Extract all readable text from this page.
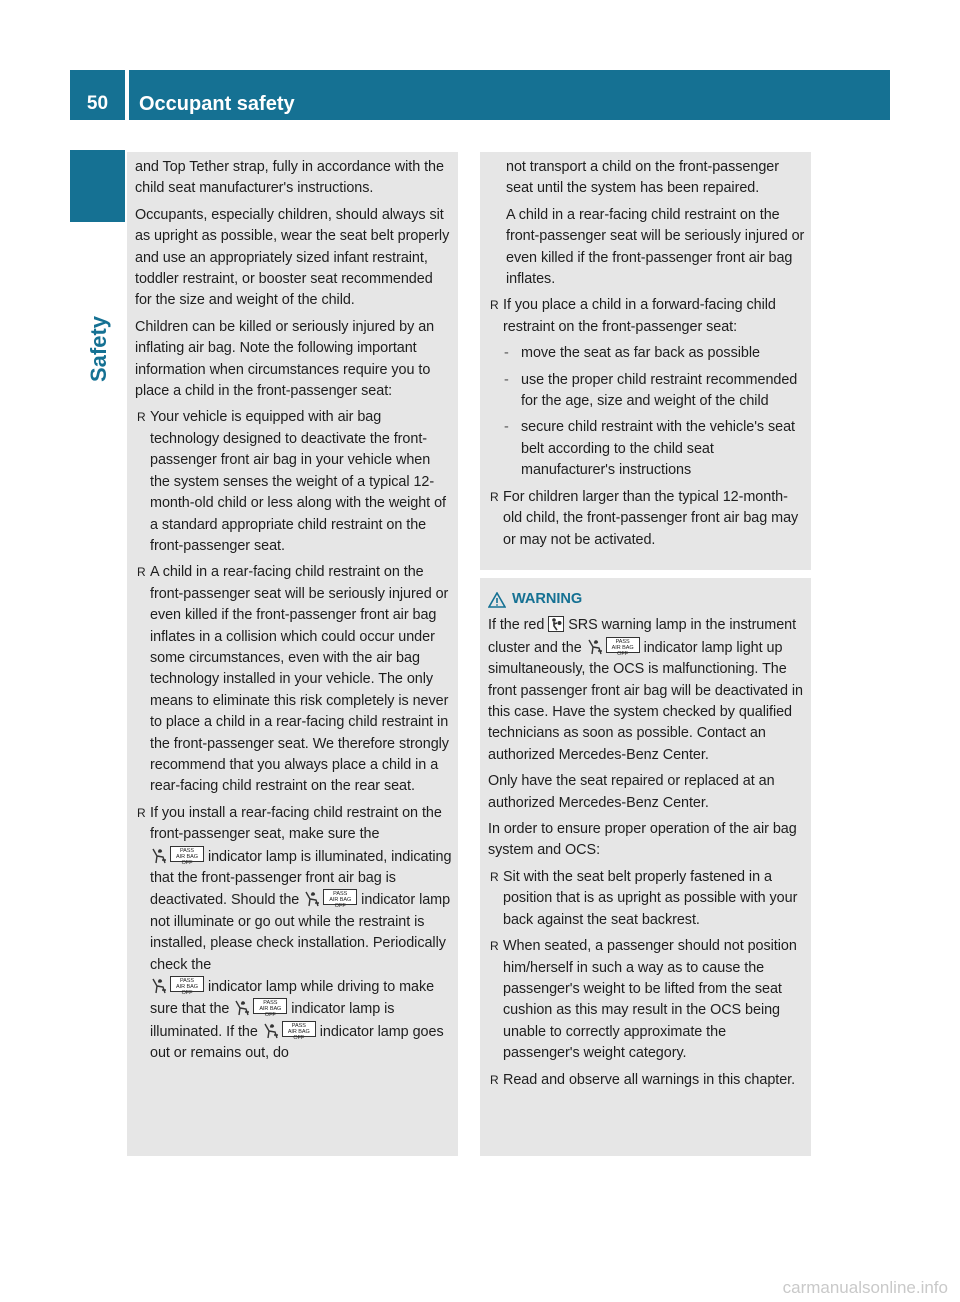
50	Occupant safety
Safety

and Top Tether strap, fully in accordance with the child seat manufacturer's instructions.

Occupants, especially children, should always sit as upright as possible, wear the seat belt properly and use an appropriately sized infant restraint, toddler restraint, or booster seat recommended for the size and weight of the child.

Children can be killed or seriously injured by an inflating air bag. Note the following important information when circumstances require you to place a child in the front-passenger seat:

R Your vehicle is equipped with air bag technology designed to deactivate the front-passenger front air bag in your vehicle when the system senses the weight of a typical 12-month-old child or less along with the weight of a standard appropriate child restraint on the front-passenger seat.
R A child in a rear-facing child restraint on the front-passenger seat will be seriously injured or even killed if the front-passenger front air bag inflates in a collision which could occur under some circumstances, even with the air bag technology installed in your vehicle. The only means to eliminate this risk completely is never to place a child in a rear-facing child restraint in the front-passenger seat. We therefore strongly recommend that you always place a child in a rear-facing child restraint on the rear seat.
R If you install a rear-facing child restraint on the front-passenger seat, make sure the
PASS
AIR BAG OFF indicator lamp is illuminated, indicating that the front-passenger front air bag is deactivated. Should the	PASS
AIR BAG OFF indicator lamp not illuminate or go out while the restraint is installed, please check installation. Periodically check the
PASS
AIR BAG OFF indicator lamp while driving to make sure that the	PASS
AIR BAG OFF indicator lamp is illuminated. If the	PASS
AIR BAG OFF indicator lamp goes out or remains out, do

not transport a child on the front-passenger seat until the system has been repaired.

A child in a rear-facing child restraint on the front-passenger seat will be seriously injured or even killed if the front-passenger front air bag inflates.

R If you place a child in a forward-facing child restraint on the front-passenger seat:
- move the seat as far back as possible
- use the proper child restraint recommended for the age, size and weight of the child
- secure child restraint with the vehicle's seat belt according to the child seat manufacturer's instructions
R For children larger than the typical 12-month-old child, the front-passenger front air bag may or may not be activated.
WARNING

If the red SRS warning lamp in the instrument cluster and the	PASS
AIR BAG OFF indicator lamp light up simultaneously, the OCS is malfunctioning. The front passenger front air bag will be deactivated in this case. Have the system checked by qualified technicians as soon as possible. Contact an authorized Mercedes-Benz Center.

Only have the seat repaired or replaced at an authorized Mercedes-Benz Center.

In order to ensure proper operation of the air bag system and OCS:

R Sit with the seat belt properly fastened in a position that is as upright as possible with your back against the seat backrest.
R When seated, a passenger should not position him/herself in such a way as to cause the passenger's weight to be lifted from the seat cushion as this may result in the OCS being unable to correctly approximate the passenger's weight category.
R Read and observe all warnings in this chapter.
carmanualsonline.info
